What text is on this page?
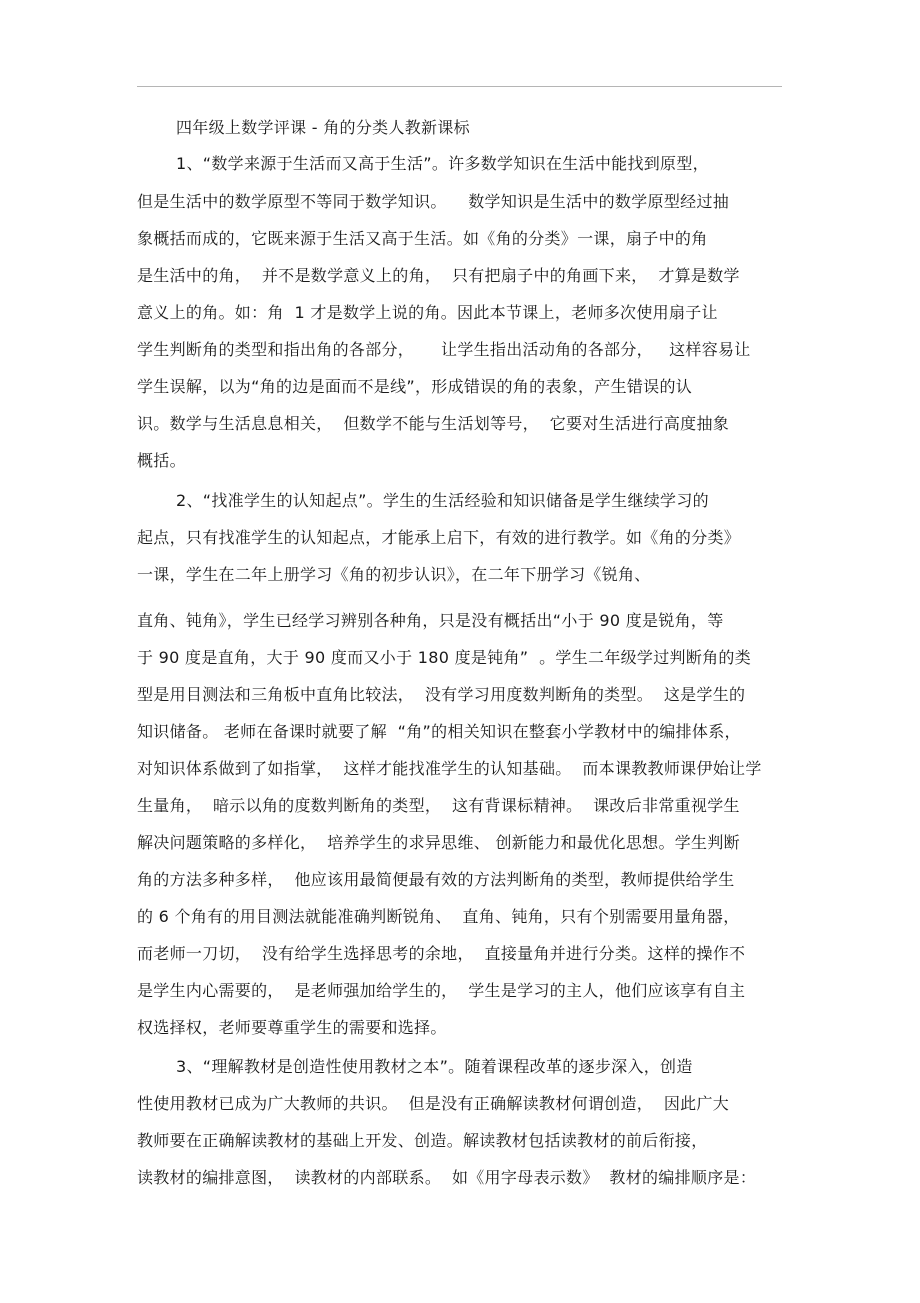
四年级上数学评课 - 角的分类人教新课标
1、“数学来源于生活而又高于生活”。许多数学知识在生活中能找到原型，
但是生活中的数学原型不等同于数学知识。    数学知识是生活中的数学原型经过抽
象概括而成的，它既来源于生活又高于生活。如《角的分类》一课，扇子中的角
是生活中的角，  并不是数学意义上的角，  只有把扇子中的角画下来，  才算是数学
意义上的角。如：角  1 才是数学上说的角。因此本节课上，老师多次使用扇子让
学生判断角的类型和指出角的各部分，     让学生指出活动角的各部分，   这样容易让
学生误解，以为“角的边是面而不是线”，形成错误的角的表象，产生错误的认
识。数学与生活息息相关，  但数学不能与生活划等号，  它要对生活进行高度抽象
概括。
2、“找准学生的认知起点”。学生的生活经验和知识储备是学生继续学习的
起点，只有找准学生的认知起点，才能承上启下，有效的进行教学。如《角的分类》
一课，学生在二年上册学习《角的初步认识》，在二年下册学习《锐角、
直角、钝角》，学生已经学习辨别各种角，只是没有概括出“小于 90 度是锐角，等
于 90 度是直角，大于 90 度而又小于 180 度是钝角”  。学生二年级学过判断角的类
型是用目测法和三角板中直角比较法，  没有学习用度数判断角的类型。  这是学生的
知识储备。 老师在备课时就要了解  “角”的相关知识在整套小学教材中的编排体系，
对知识体系做到了如指掌，  这样才能找准学生的认知基础。  而本课教教师课伊始让学
生量角，  暗示以角的度数判断角的类型，  这有背课标精神。  课改后非常重视学生
解决问题策略的多样化，  培养学生的求异思维、 创新能力和最优化思想。学生判断
角的方法多种多样，  他应该用最简便最有效的方法判断角的类型，教师提供给学生
的 6 个角有的用目测法就能准确判断锐角、  直角、钝角，只有个别需要用量角器，
而老师一刀切，  没有给学生选择思考的余地，  直接量角并进行分类。这样的操作不
是学生内心需要的，  是老师强加给学生的，  学生是学习的主人，他们应该享有自主
权选择权，老师要尊重学生的需要和选择。
3、“理解教材是创造性使用教材之本”。随着课程改革的逐步深入，创造
性使用教材已成为广大教师的共识。  但是没有正确解读教材何谓创造，  因此广大
教师要在正确解读教材的基础上开发、创造。解读教材包括读教材的前后衔接，
读教材的编排意图，  读教材的内部联系。  如《用字母表示数》  教材的编排顺序是：
